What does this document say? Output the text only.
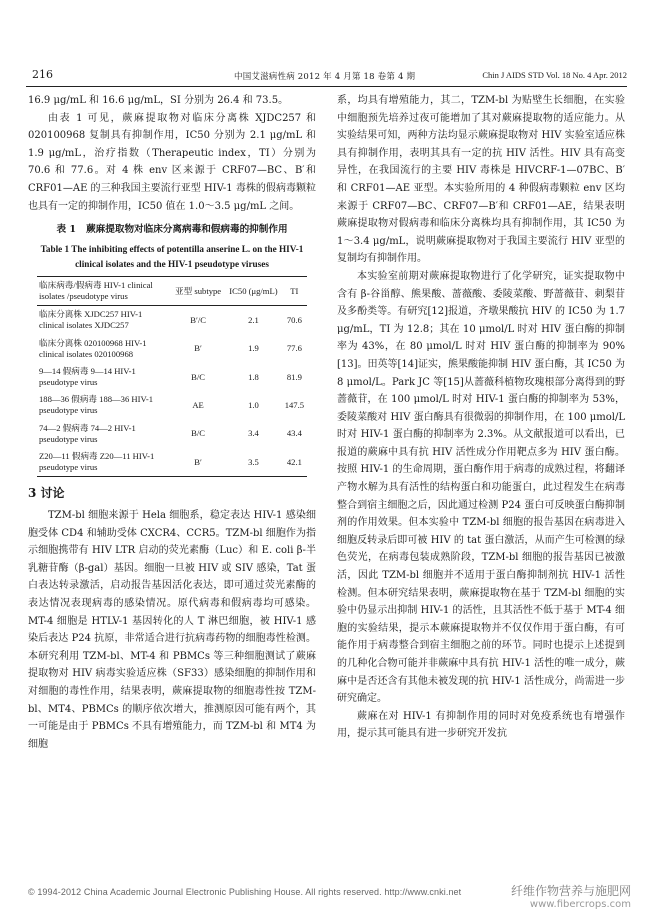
216	中国艾滋病性病 2012 年 4 月第 18 卷第 4 期	Chin J AIDS STD Vol. 18 No. 4 Apr. 2012

16.9 μg/mL 和 16.6 μg/mL，SI 分别为 26.4 和 73.5。

由表 1 可见，蕨麻提取物对临床分离株 XJDC257 和 020100968 复制具有抑制作用，IC50 分别为 2.1 μg/mL 和 1.9 μg/mL，治疗指数（Therapeutic index，TI）分别为 70.6 和 77.6。对 4 株 env 区来源于 CRF07—BC、B′和 CRF01—AE 的三种我国主要流行亚型 HIV-1 毒株的假病毒颗粒也具有一定的抑制作用，IC50 值在 1.0～3.5 μg/mL 之间。

表 1 蕨麻提取物对临床分离病毒和假病毒的抑制作用
Table 1 The inhibiting effects of potentilla anserine L. on the HIV-1 clinical isolates and the HIV-1 pseudotype viruses
临床病毒/假病毒 HIV-1 clinical isolates /pseudotype virus	亚型 subtype	IC50 (μg/mL)	TI
临床分离株 XJDC257 HIV-1 clinical isolates XJDC257	B′/C	2.1	70.6
临床分离株 020100968 HIV-1 clinical isolates 020100968	B′	1.9	77.6
9—14 假病毒 9—14 HIV-1 pseudotype virus	B/C	1.8	81.9
188—36 假病毒 188—36 HIV-1 pseudotype virus	AE	1.0	147.5
74—2 假病毒 74—2 HIV-1 pseudotype virus	B/C	3.4	43.4
Z20—11 假病毒 Z20—11 HIV-1 pseudotype virus	B′	3.5	42.1
3 讨论

TZM-bl 细胞来源于 Hela 细胞系，稳定表达 HIV-1 感染细胞受体 CD4 和辅助受体 CXCR4、CCR5。TZM-bl 细胞作为指示细胞携带有 HIV LTR 启动的荧光素酶（Luc）和 E. coli β-半乳糖苷酶（β-gal）基因。细胞一旦被 HIV 或 SIV 感染，Tat 蛋白表达转录激活，启动报告基因活化表达，即可通过荧光素酶的表达情况表现病毒的感染情况。原代病毒和假病毒均可感染。MT-4 细胞是 HTLV-1 基因转化的人 T 淋巴细胞，被 HIV-1 感染后表达 P24 抗原，非常适合进行抗病毒药物的细胞毒性检测。本研究利用 TZM-bl、MT-4 和 PBMCs 等三种细胞测试了蕨麻提取物对 HIV 病毒实验适应株（SF33）感染细胞的抑制作用和对细胞的毒性作用，结果表明，蕨麻提取物的细胞毒性按 TZM-bl、MT4、PBMCs 的顺序依次增大，推测原因可能有两个，其一可能是由于 PBMCs 不具有增殖能力，而 TZM-bl 和 MT4 为细胞

系，均具有增殖能力，其二，TZM-bl 为贴壁生长细胞，在实验中细胞预先培养过夜可能增加了其对蕨麻提取物的适应能力。从实验结果可知，两种方法均显示蕨麻提取物对 HIV 实验室适应株具有抑制作用，表明其具有一定的抗 HIV 活性。HIV 具有高变异性，在我国流行的主要 HIV 毒株是 HIVCRF-1—07BC、B′和 CRF01—AE 亚型。本实验所用的 4 种假病毒颗粒 env 区均来源于 CRF07—BC、CRF07—B′和 CRF01—AE，结果表明蕨麻提取物对假病毒和临床分离株均具有抑制作用，其 IC50 为 1～3.4 μg/mL，说明蕨麻提取物对于我国主要流行 HIV 亚型的复制均有抑制作用。

本实验室前期对蕨麻提取物进行了化学研究，证实提取物中含有 β-谷甾醇、熊果酸、蔷薇酸、委陵菜酸、野蔷薇苷、刺梨苷及多酚类等。有研究[12]报道，齐墩果酸抗 HIV 的 IC50 为 1.7 μg/mL，TI 为 12.8；其在 10 μmol/L 时对 HIV 蛋白酶的抑制率为 43%，在 80 μmol/L 时对 HIV 蛋白酶的抑制率为 90%[13]。田英等[14]证实，熊果酸能抑制 HIV 蛋白酶，其 IC50 为 8 μmol/L。Park JC 等[15]从蔷薇科植物玫瑰根部分离得到的野蔷薇苷，在 100 μmol/L 时对 HIV-1 蛋白酶的抑制率为 53%，委陵菜酸对 HIV 蛋白酶具有很微弱的抑制作用，在 100 μmol/L 时对 HIV-1 蛋白酶的抑制率为 2.3%。从文献报道可以看出，已报道的蕨麻中具有抗 HIV 活性成分作用靶点多为 HIV 蛋白酶。按照 HIV-1 的生命周期，蛋白酶作用于病毒的成熟过程，将翻译产物水解为具有活性的结构蛋白和功能蛋白，此过程发生在病毒整合到宿主细胞之后，因此通过检测 P24 蛋白可反映蛋白酶抑制剂的作用效果。但本实验中 TZM-bl 细胞的报告基因在病毒进入细胞反转录后即可被 HIV 的 tat 蛋白激活，从而产生可检测的绿色荧光，在病毒包装成熟阶段，TZM-bl 细胞的报告基因已被激活，因此 TZM-bl 细胞并不适用于蛋白酶抑制剂抗 HIV-1 活性检测。但本研究结果表明，蕨麻提取物在基于 TZM-bl 细胞的实验中仍显示出抑制 HIV-1 的活性，且其活性不低于基于 MT-4 细胞的实验结果，提示本蕨麻提取物并不仅仅作用于蛋白酶，有可能作用于病毒整合到宿主细胞之前的环节。同时也提示上述提到的几种化合物可能并非蕨麻中具有抗 HIV-1 活性的唯一成分，蕨麻中是否还含有其他未被发现的抗 HIV-1 活性成分，尚需进一步研究确定。

蕨麻在对 HIV-1 有抑制作用的同时对免疫系统也有增强作用，提示其可能具有进一步研究开发抗

© 1994-2012 China Academic Journal Electronic Publishing House. All rights reserved. http://www.cnki.net	纤维作物营养与施肥网
www.fibercrops.com
